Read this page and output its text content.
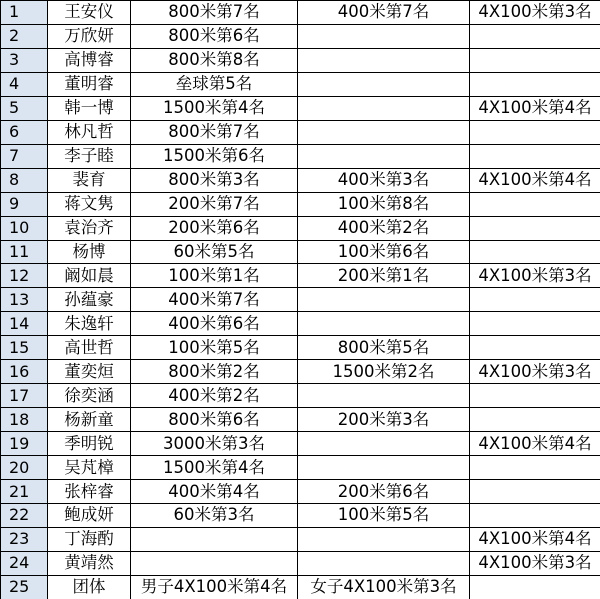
1	王安仪	800米第7名	400米第7名	4X100米第3名
2	万欣妍	800米第6名		
3	高博睿	800米第8名		
4	董明睿	垒球第5名		
5	韩一博	1500米第4名		4X100米第4名
6	林凡哲	800米第7名		
7	李子睦	1500米第6名		
8	裴育	800米第3名	400米第3名	4X100米第4名
9	蒋文隽	200米第7名	100米第8名	
10	袁治齐	200米第6名	400米第2名	
11	杨博	60米第5名	100米第6名	
12	阚如晨	100米第1名	200米第1名	4X100米第3名
13	孙蕴豪	400米第7名		
14	朱逸轩	400米第6名		
15	高世哲	100米第5名	800米第5名	
16	董奕烜	800米第2名	1500米第2名	4X100米第3名
17	徐奕涵	400米第2名		
18	杨新童	800米第6名	200米第3名	
19	季明锐	3000米第3名		4X100米第4名
20	吴芃樟	1500米第4名		
21	张梓睿	400米第4名	200米第6名	
22	鲍成妍	60米第3名	100米第5名	
23	丁海酌			4X100米第4名
24	黄靖然			4X100米第3名
25	团体	男子4X100米第4名	女子4X100米第3名	
